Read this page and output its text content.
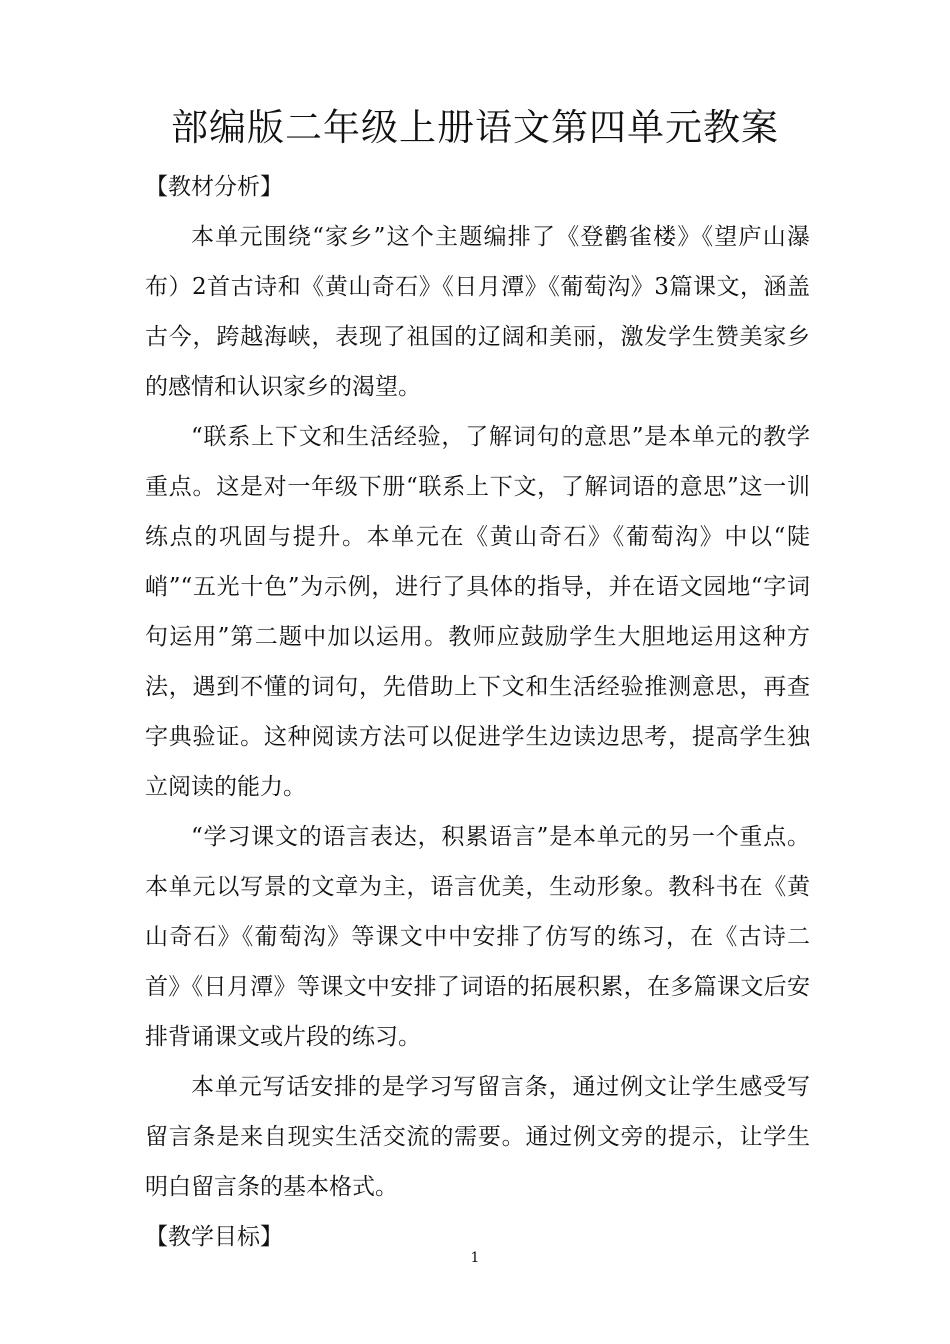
部编版二年级上册语文第四单元教案

【教材分析】

本单元围绕“家乡”这个主题编排了《登鹳雀楼》《望庐山瀑布）2首古诗和《黄山奇石》《日月潭》《葡萄沟》3篇课文，涵盖古今，跨越海峡，表现了祖国的辽阔和美丽，激发学生赞美家乡的感情和认识家乡的渴望。

“联系上下文和生活经验，了解词句的意思”是本单元的教学重点。这是对一年级下册“联系上下文，了解词语的意思”这一训练点的巩固与提升。本单元在《黄山奇石》《葡萄沟》中以“陡峭”“五光十色”为示例，进行了具体的指导，并在语文园地“字词句运用”第二题中加以运用。教师应鼓励学生大胆地运用这种方法，遇到不懂的词句，先借助上下文和生活经验推测意思，再查字典验证。这种阅读方法可以促进学生边读边思考，提高学生独立阅读的能力。

“学习课文的语言表达，积累语言”是本单元的另一个重点。本单元以写景的文章为主，语言优美，生动形象。教科书在《黄山奇石》《葡萄沟》等课文中中安排了仿写的练习，在《古诗二首》《日月潭》等课文中安排了词语的拓展积累，在多篇课文后安排背诵课文或片段的练习。

本单元写话安排的是学习写留言条，通过例文让学生感受写留言条是来自现实生活交流的需要。通过例文旁的提示，让学生明白留言条的基本格式。

【教学目标】

1
